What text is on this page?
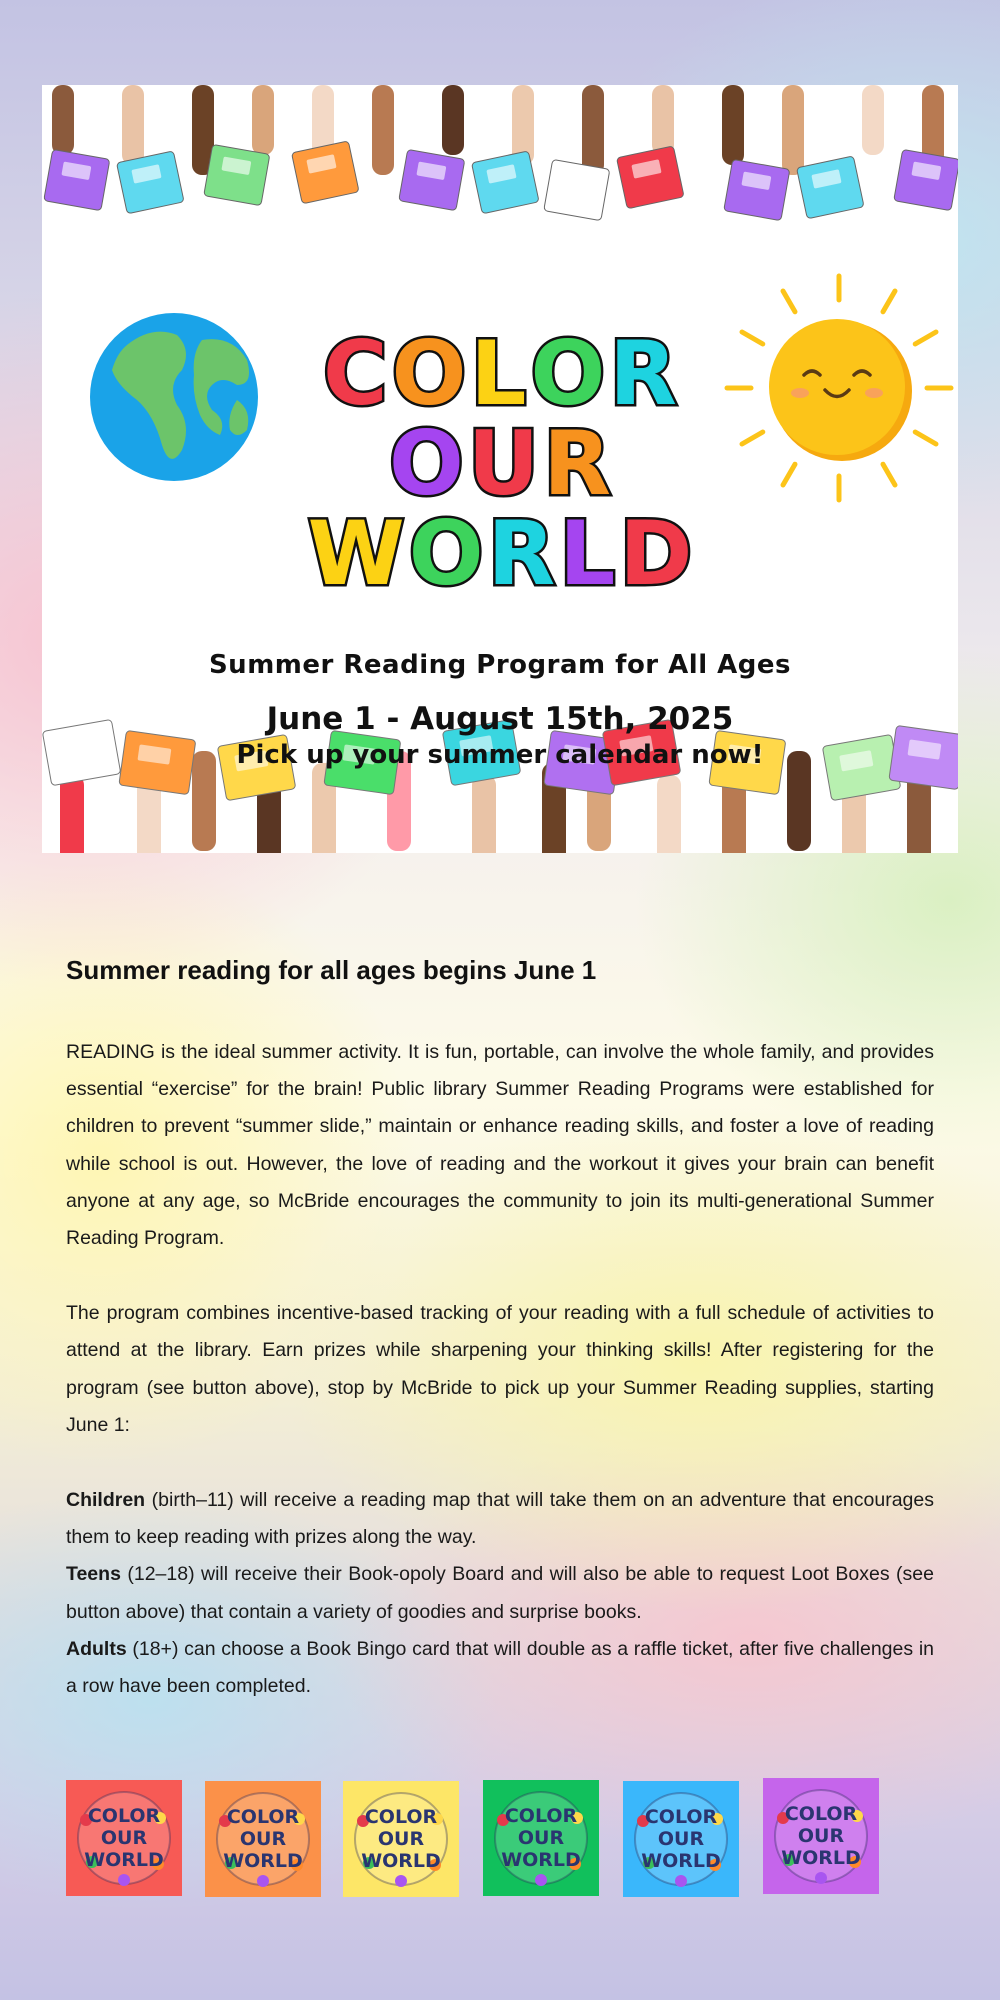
C O L O R
O U R
W O R L D
Summer Reading Program for All Ages
June 1 - August 15th, 2025
Pick up your summer calendar now!
Summer reading for all ages begins June 1

READING is the ideal summer activity. It is fun, portable, can involve the whole family, and provides essential “exercise” for the brain! Public library Summer Reading Programs were established for children to prevent “summer slide,” maintain or enhance reading skills, and foster a love of reading while school is out. However, the love of reading and the workout it gives your brain can benefit anyone at any age, so McBride encourages the community to join its multi-generational Summer Reading Program.

The program combines incentive-based tracking of your reading with a full schedule of activities to attend at the library. Earn prizes while sharpening your thinking skills! After registering for the program (see button above), stop by McBride to pick up your Summer Reading supplies, starting June 1:

Children (birth–11) will receive a reading map that will take them on an adventure that encourages them to keep reading with prizes along the way.

Teens (12–18) will receive their Book-opoly Board and will also be able to request Loot Boxes (see button above) that contain a variety of goodies and surprise books.

Adults (18+) can choose a Book Bingo card that will double as a raffle ticket, after five challenges in a row have been completed.

COLOR
OUR
WORLD
COLOR
OUR
WORLD
COLOR
OUR
WORLD
COLOR
OUR
WORLD
COLOR
OUR
WORLD
COLOR
OUR
WORLD
